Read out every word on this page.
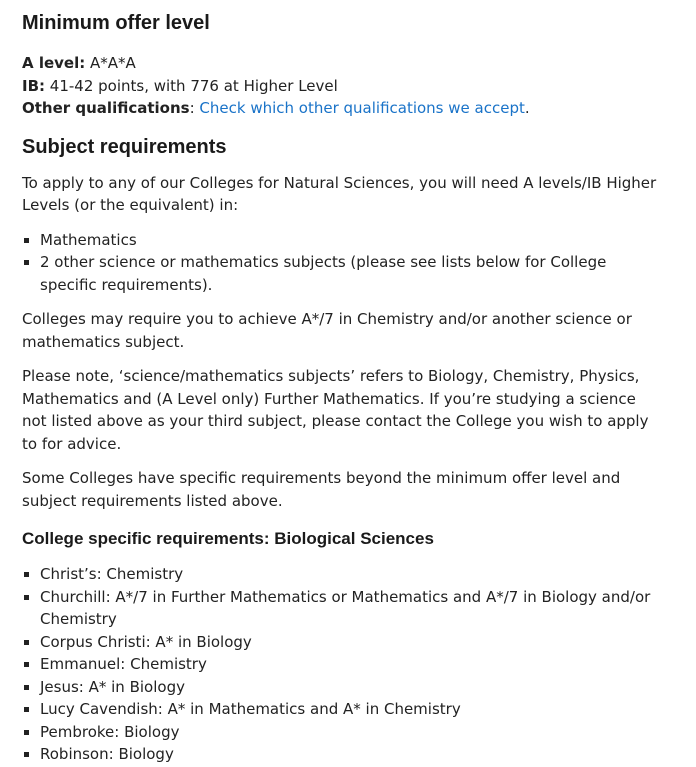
Minimum offer level

A level: A*A*A

IB: 41-42 points, with 776 at Higher Level

Other qualifications: Check which other qualifications we accept.

Subject requirements

To apply to any of our Colleges for Natural Sciences, you will need A levels/IB Higher Levels (or the equivalent) in:

Mathematics
2 other science or mathematics subjects (please see lists below for College specific requirements).

Colleges may require you to achieve A*/7 in Chemistry and/or another science or mathematics subject.

Please note, ‘science/mathematics subjects’ refers to Biology, Chemistry, Physics, Mathematics and (A Level only) Further Mathematics. If you’re studying a science not listed above as your third subject, please contact the College you wish to apply to for advice.

Some Colleges have specific requirements beyond the minimum offer level and subject requirements listed above.

College specific requirements: Biological Sciences
Christ’s: Chemistry
Churchill: A*/7 in Further Mathematics or Mathematics and A*/7 in Biology and/or Chemistry
Corpus Christi: A* in Biology
Emmanuel: Chemistry
Jesus: A* in Biology
Lucy Cavendish: A* in Mathematics and A* in Chemistry
Pembroke: Biology
Robinson: Biology
